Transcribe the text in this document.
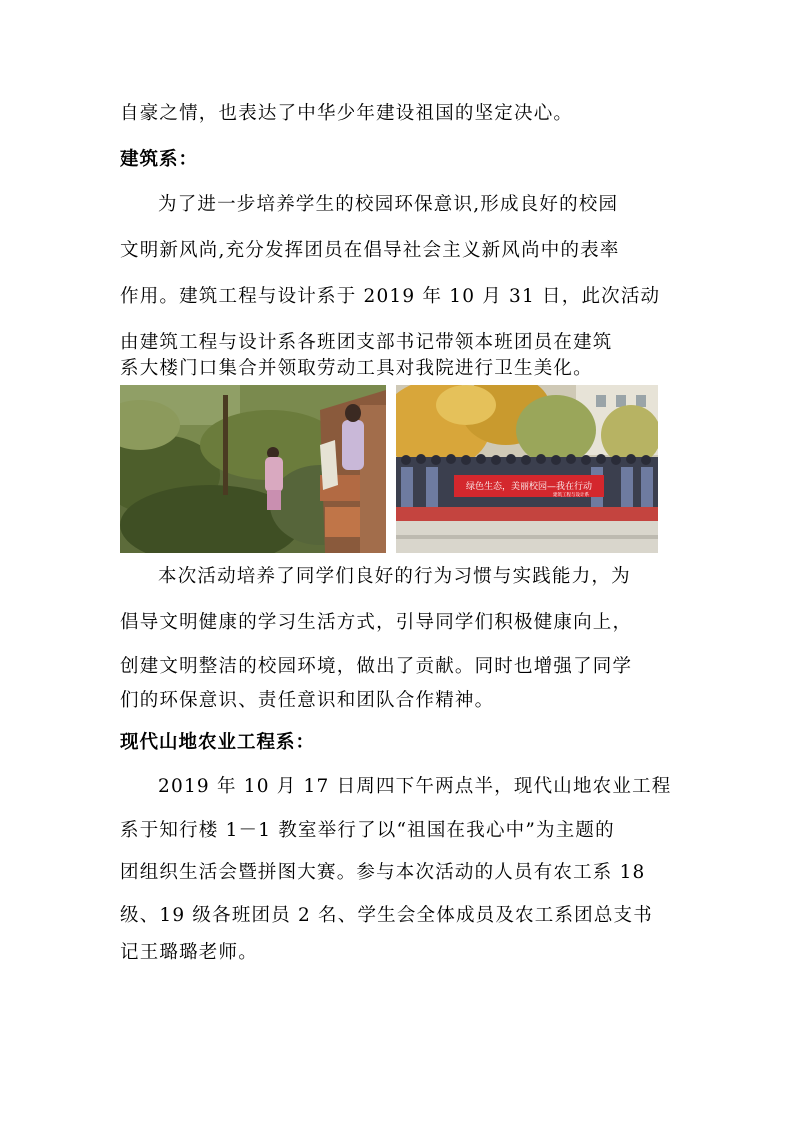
自豪之情，也表达了中华少年建设祖国的坚定决心。
建筑系：
为了进一步培养学生的校园环保意识,形成良好的校园
文明新风尚,充分发挥团员在倡导社会主义新风尚中的表率
作用。建筑工程与设计系于 2019 年 10 月 31 日，此次活动
由建筑工程与设计系各班团支部书记带领本班团员在建筑
系大楼门口集合并领取劳动工具对我院进行卫生美化。
绿色生态，美丽校园—我在行动
建筑工程与设计系
本次活动培养了同学们良好的行为习惯与实践能力，为
倡导文明健康的学习生活方式，引导同学们积极健康向上，
创建文明整洁的校园环境，做出了贡献。同时也增强了同学
们的环保意识、责任意识和团队合作精神。
现代山地农业工程系：
2019 年 10 月 17 日周四下午两点半，现代山地农业工程
系于知行楼 1－1 教室举行了以“祖国在我心中”为主题的
团组织生活会暨拼图大赛。参与本次活动的人员有农工系 18
级、19 级各班团员 2 名、学生会全体成员及农工系团总支书
记王璐璐老师。
